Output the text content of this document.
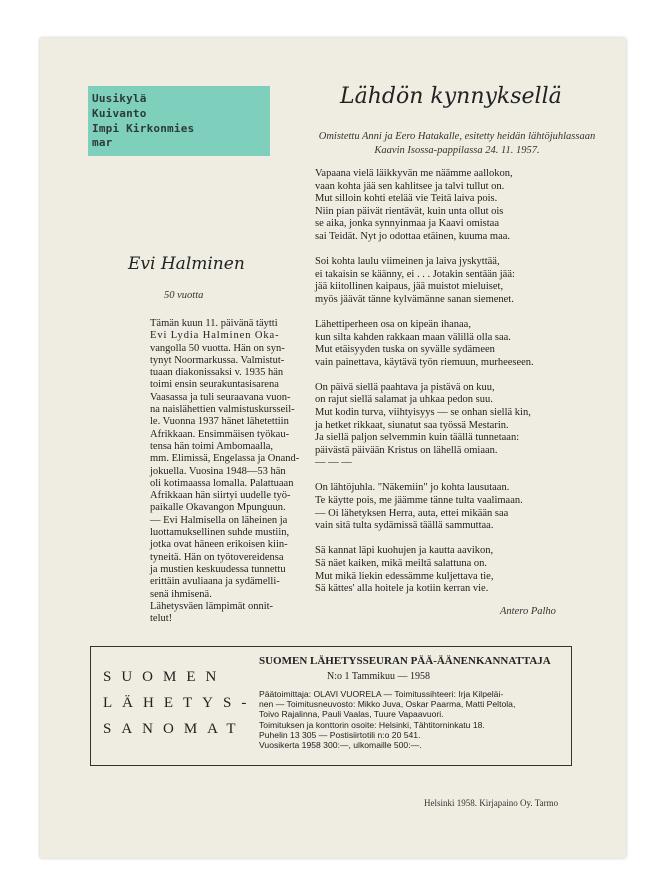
Uusikylä
Kuivanto
Impi Kirkonmies
mar
Lähdön kynnyksellä
Omistettu Anni ja Eero Hatakalle, esitetty heidän lähtöjuhlassaan Kaavin Isossa-pappilassa 24. 11. 1957.
Vapaana vielä läikkyvän me näämme aallokon,
vaan kohta jää sen kahlitsee ja talvi tullut on.
Mut silloin kohti etelää vie Teitä laiva pois.
Niin pian päivät rientävät, kuin unta ollut ois
se aika, jonka synnyinmaa ja Kaavi omistaa
sai Teidät. Nyt jo odottaa etäinen, kuuma maa.
Soi kohta laulu viimeinen ja laiva jyskyttää,
ei takaisin se käänny, ei . . . Jotakin sentään jää:
jää kiitollinen kaipaus, jää muistot mieluiset,
myös jäävät tänne kylvämänne sanan siemenet.
Lähettiperheen osa on kipeän ihanaa,
kun silta kahden rakkaan maan välillä olla saa.
Mut etäisyyden tuska on syvälle sydämeen
vain painettava, käytävä työn riemuun, murheeseen.
On päivä siellä paahtava ja pistävä on kuu,
on rajut siellä salamat ja uhkaa pedon suu.
Mut kodin turva, viihtyisyys — se onhan siellä kin,
ja hetket rikkaat, siunatut saa työssä Mestarin.
Ja siellä paljon selvemmin kuin täällä tunnetaan:
päivästä päivään Kristus on lähellä omiaan.
— — —
On lähtöjuhla. "Näkemiin" jo kohta lausutaan.
Te käytte pois, me jäämme tänne tulta vaalimaan.
— Oi lähetyksen Herra, auta, ettei mikään saa
vain sitä tulta sydämissä täällä sammuttaa.
Sä kannat läpi kuohujen ja kautta aavikon,
Sä näet kaiken, mikä meiltä salattuna on.
Mut mikä liekin edessämme kuljettava tie,
Sä kättes' alla hoitele ja kotiin kerran vie.
Antero Palho
Evi Halminen
50 vuotta
Tämän kuun 11. päivänä täytti
Evi Lydia Halminen Oka-
vangolla 50 vuotta. Hän on syn-
tynyt Noormarkussa. Valmistut-
tuaan diakonissaksi v. 1935 hän
toimi ensin seurakuntasisarena
Vaasassa ja tuli seuraavana vuon-
na naislähettien valmistuskursseil-
le. Vuonna 1937 hänet lähetettiin
Afrikkaan. Ensimmäisen työkau-
tensa hän toimi Ambomaalla,
mm. Elimissä, Engelassa ja Onand-
jokuella. Vuosina 1948—53 hän
oli kotimaassa lomalla. Palattuaan
Afrikkaan hän siirtyi uudelle työ-
paikalle Okavangon Mpunguun.
— Evi Halmisella on läheinen ja
luottamuksellinen suhde mustiin,
jotka ovat häneen erikoisen kiin-
tyneitä. Hän on työtovereidensa
ja mustien keskuudessa tunnettu
erittäin avuliaana ja sydämelli-
senä ihmisenä.
Lähetysväen lämpimät onnit-
telut!
SUOMEN
LÄHETYS-
SANOMAT
SUOMEN LÄHETYSSEURAN PÄÄ-ÄÄNENKANNATTAJA
N:o 1 Tammikuu — 1958
Päätoimittaja: OLAVI VUORELA — Toimitussihteeri: Irja Kilpeläi-
nen — Toimitusneuvosto: Mikko Juva, Oskar Paarma, Matti Peltola,
Toivo Rajalinna, Pauli Vaalas, Tuure Vapaavuori.
Toimituksen ja konttorin osoite: Helsinki, Tähtitorninkatu 18.
Puhelin 13 305 — Postisiirtotili n:o 20 541.
Vuosikerta 1958 300:—, ulkomaille 500:—.
Helsinki 1958. Kirjapaino Oy. Tarmo
